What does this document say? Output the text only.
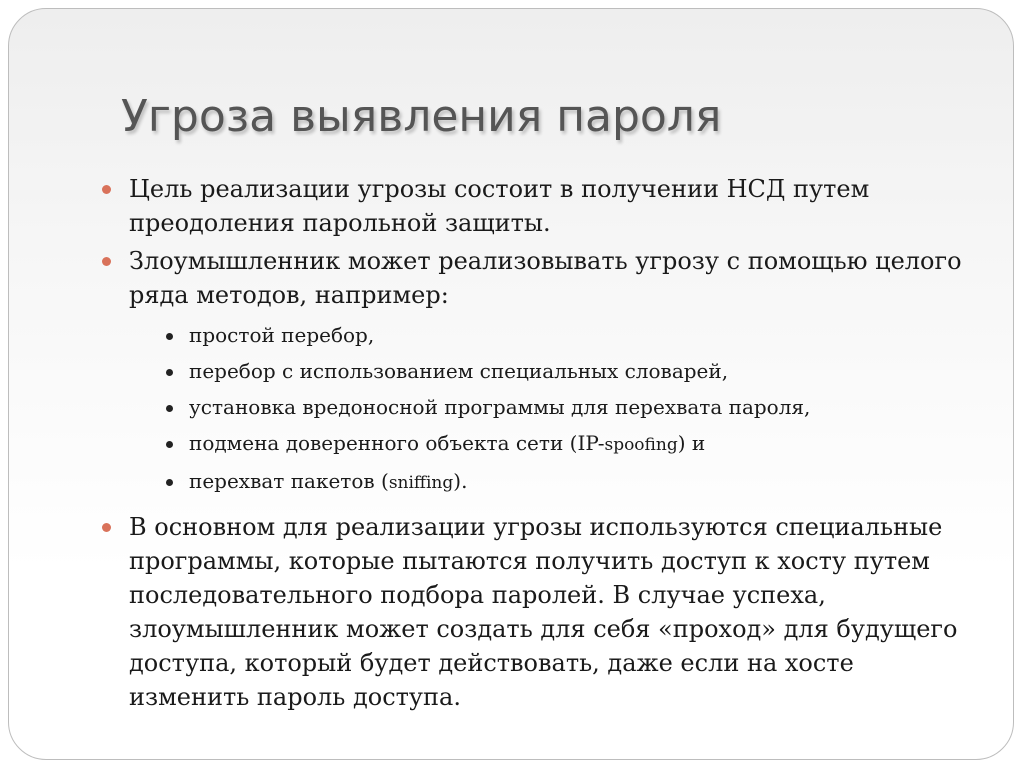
Угроза выявления пароля
Цель реализации угрозы состоит в получении НСД путем преодоления парольной защиты.
Злоумышленник может реализовывать угрозу с помощью целого ряда методов, например:
простой перебор,
перебор с использованием специальных словарей,
установка вредоносной программы для перехвата пароля,
подмена доверенного объекта сети (IP-spoofing) и
перехват пакетов (sniffing).
В основном для реализации угрозы используются специальные программы, которые пытаются получить доступ к хосту путем последовательного подбора паролей. В случае успеха, злоумышленник может создать для себя «проход» для будущего доступа, который будет действовать, даже если на хосте изменить пароль доступа.
